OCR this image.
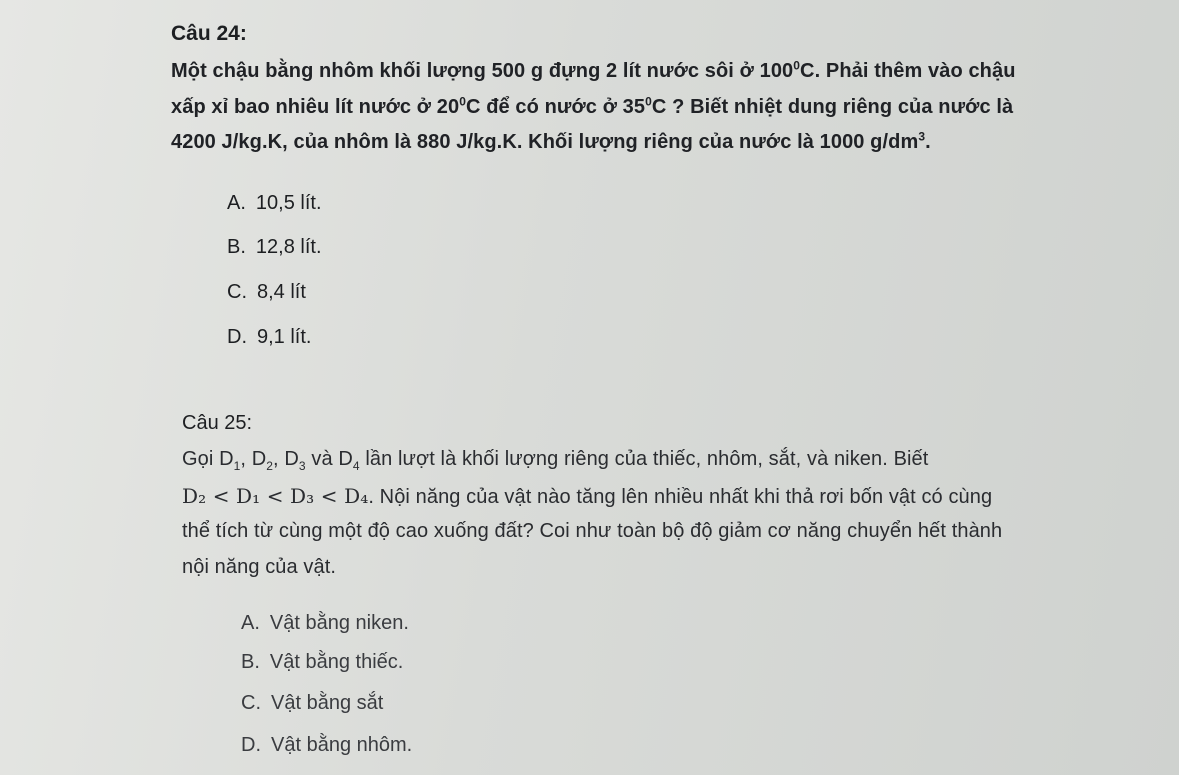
Câu 24:
Một chậu bằng nhôm khối lượng 500 g đựng 2 lít nước sôi ở $100^0C$. Phải thêm vào chậu
xấp xỉ bao nhiêu lít nước ở $20^0C$ để có nước ở $35^0C$ ? Biết nhiệt dung riêng của nước là
4200 J/kg.K, của nhôm là 880 J/kg.K. Khối lượng riêng của nước là 1000 $g/dm^3$.
A. 10,5 lít.
B. 12,8 lít.
C. 8,4 lít
D. 9,1 lít.
Câu 25:
Gọi $D_1$, $D_2$, $D_3$ và $D_4$ lần lượt là khối lượng riêng của thiếc, nhôm, sắt, và niken. Biết
D₂ < D₁ < D₃ < D₄. Nội năng của vật nào tăng lên nhiều nhất khi thả rơi bốn vật có cùng
thể tích từ cùng một độ cao xuống đất? Coi như toàn bộ độ giảm cơ năng chuyển hết thành
nội năng của vật.
A. Vật bằng niken.
B. Vật bằng thiếc.
C. Vật bằng sắt
D. Vật bằng nhôm.
